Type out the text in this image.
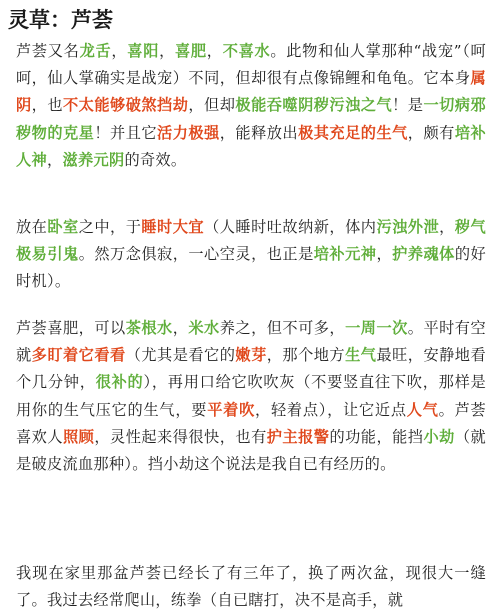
灵草：芦荟
芦荟又名龙舌，喜阳，喜肥，不喜水。此物和仙人掌那种“战宠”（呵呵，仙人掌确实是战宠）不同，但却很有点像锦鲤和龟龟。它本身属阴，也不太能够破煞挡劫，但却极能吞噬阴秽污浊之气！是一切病邪秽物的克星！并且它活力极强，能释放出极其充足的生气，颇有培补人神，滋养元阴的奇效。
放在卧室之中，于睡时大宜（人睡时吐故纳新，体内污浊外泄，秽气极易引鬼。然万念俱寂，一心空灵，也正是培补元神，护养魂体的好时机）。
芦荟喜肥，可以茶根水，米水养之，但不可多，一周一次。平时有空就多盯着它看看（尤其是看它的嫩芽，那个地方生气最旺，安静地看个几分钟，很补的），再用口给它吹吹灰（不要竖直往下吹，那样是用你的生气压它的生气，要平着吹，轻着点），让它近点人气。芦荟喜欢人照顾，灵性起来得很快，也有护主报警的功能，能挡小劫（就是破皮流血那种）。挡小劫这个说法是我自已有经历的。
我现在家里那盆芦荟已经长了有三年了，换了两次盆，现很大一缝了。我过去经常爬山，练拳（自已瞎打，决不是高手，就
